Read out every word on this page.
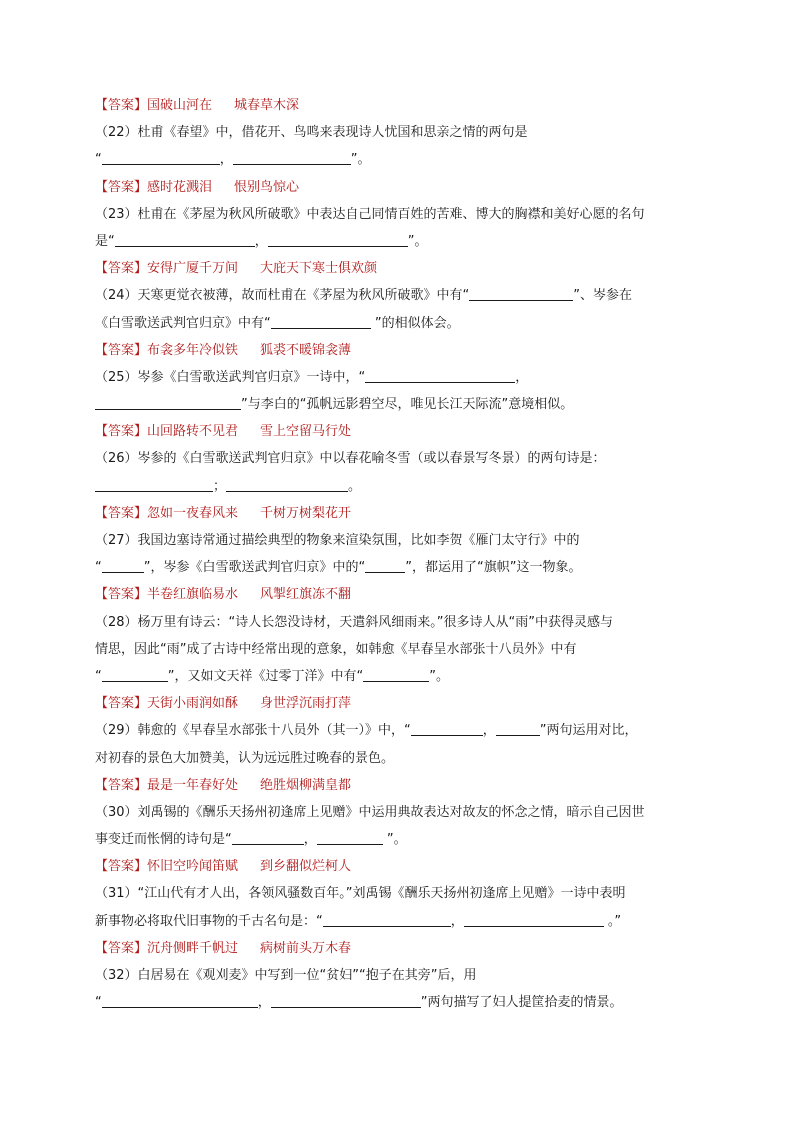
【答案】国破山河在 城春草木深
（22）杜甫《春望》中，借花开、鸟鸣来表现诗人忧国和思亲之情的两句是
“	，	”。
【答案】感时花溅泪 恨别鸟惊心
（23）杜甫在《茅屋为秋风所破歌》中表达自己同情百姓的苦难、博大的胸襟和美好心愿的名句
是“	，	”。
【答案】安得广厦千万间 大庇天下寒士俱欢颜
（24）天寒更觉衣被薄，故而杜甫在《茅屋为秋风所破歌》中有“	”、岑参在
《白雪歌送武判官归京》中有“	”的相似体会。
【答案】布衾多年冷似铁 狐裘不暖锦衾薄
（25）岑参《白雪歌送武判官归京》一诗中，“	，
”与李白的“孤帆远影碧空尽，唯见长江天际流”意境相似。
【答案】山回路转不见君 雪上空留马行处
（26）岑参的《白雪歌送武判官归京》中以春花喻冬雪（或以春景写冬景）的两句诗是：
；	。
【答案】忽如一夜春风来 千树万树梨花开
（27）我国边塞诗常通过描绘典型的物象来渲染氛围，比如李贺《雁门太守行》中的
“	”，岑参《白雪歌送武判官归京》中的“	”，都运用了“旗帜”这一物象。
【答案】半卷红旗临易水 风掣红旗冻不翻
（28）杨万里有诗云：“诗人长怨没诗材，天遣斜风细雨来。”很多诗人从“雨”中获得灵感与
情思，因此“雨”成了古诗中经常出现的意象，如韩愈《早春呈水部张十八员外》中有
“	”，又如文天祥《过零丁洋》中有“	”。
【答案】天街小雨润如酥 身世浮沉雨打萍
（29）韩愈的《早春呈水部张十八员外（其一）》中，“	，	”两句运用对比，
对初春的景色大加赞美，认为远远胜过晚春的景色。
【答案】最是一年春好处 绝胜烟柳满皇都
（30）刘禹锡的《酬乐天扬州初逢席上见赠》中运用典故表达对故友的怀念之情，暗示自己因世
事变迁而怅惘的诗句是“	，	”。
【答案】怀旧空吟闻笛赋 到乡翻似烂柯人
（31）“江山代有才人出，各领风骚数百年。”刘禹锡《酬乐天扬州初逢席上见赠》一诗中表明
新事物必将取代旧事物的千古名句是：“	，	。”
【答案】沉舟侧畔千帆过 病树前头万木春
（32）白居易在《观刈麦》中写到一位“贫妇”“抱子在其旁”后，用
“	，	”两句描写了妇人提筐拾麦的情景。
